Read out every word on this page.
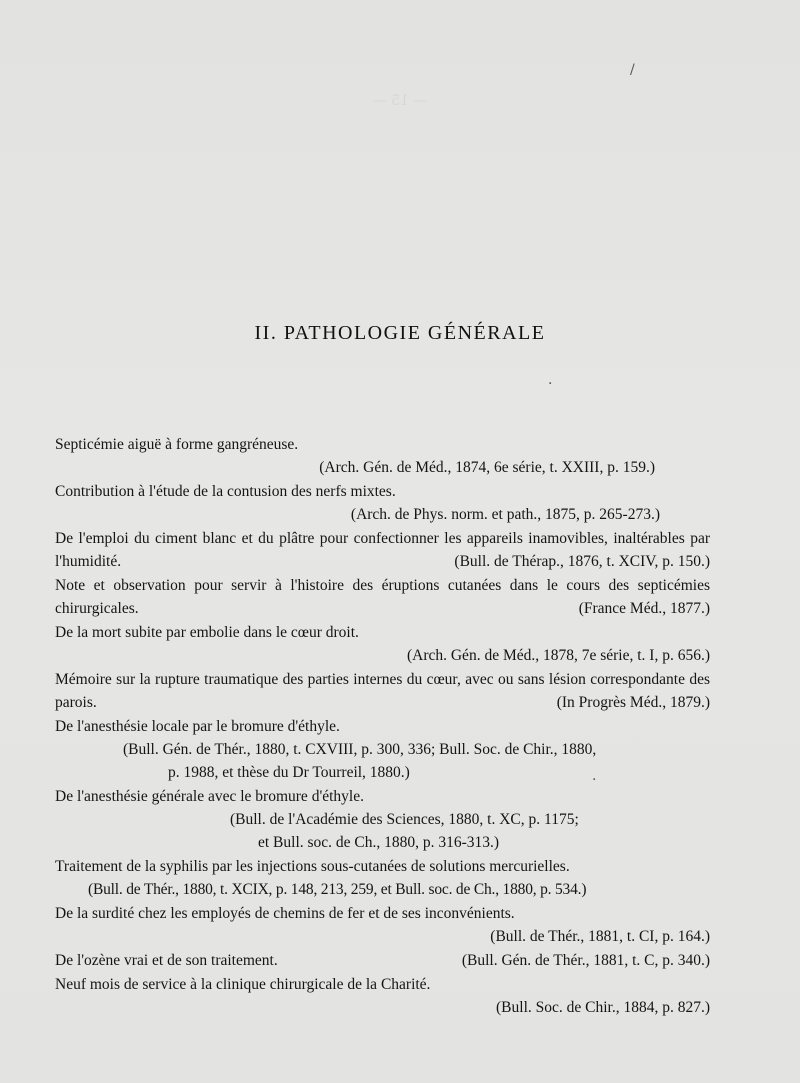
— 15 —
II. PATHOLOGIE GÉNÉRALE
Septicémie aiguë à forme gangréneuse.
(Arch. Gén. de Méd., 1874, 6e série, t. XXIII, p. 159.)
Contribution à l'étude de la contusion des nerfs mixtes.
(Arch. de Phys. norm. et path., 1875, p. 265-273.)
De l'emploi du ciment blanc et du plâtre pour confectionner les appareils inamovibles, inaltérables par l'humidité.	(Bull. de Thérap., 1876, t. XCIV, p. 150.)
Note et observation pour servir à l'histoire des éruptions cutanées dans le cours des septicémies chirurgicales.	(France Méd., 1877.)
De la mort subite par embolie dans le cœur droit.
(Arch. Gén. de Méd., 1878, 7e série, t. I, p. 656.)
Mémoire sur la rupture traumatique des parties internes du cœur, avec ou sans lésion correspondante des parois.	(In Progrès Méd., 1879.)
De l'anesthésie locale par le bromure d'éthyle.
(Bull. Gén. de Thér., 1880, t. CXVIII, p. 300, 336; Bull. Soc. de Chir., 1880,
p. 1988, et thèse du Dr Tourreil, 1880.)
De l'anesthésie générale avec le bromure d'éthyle.
(Bull. de l'Académie des Sciences, 1880, t. XC, p. 1175;
et Bull. soc. de Ch., 1880, p. 316-313.)
Traitement de la syphilis par les injections sous-cutanées de solutions mercurielles.
(Bull. de Thér., 1880, t. XCIX, p. 148, 213, 259, et Bull. soc. de Ch., 1880, p. 534.)
De la surdité chez les employés de chemins de fer et de ses inconvénients.
(Bull. de Thér., 1881, t. CI, p. 164.)
De l'ozène vrai et de son traitement.	(Bull. Gén. de Thér., 1881, t. C, p. 340.)
Neuf mois de service à la clinique chirurgicale de la Charité.
(Bull. Soc. de Chir., 1884, p. 827.)
/
·
·
